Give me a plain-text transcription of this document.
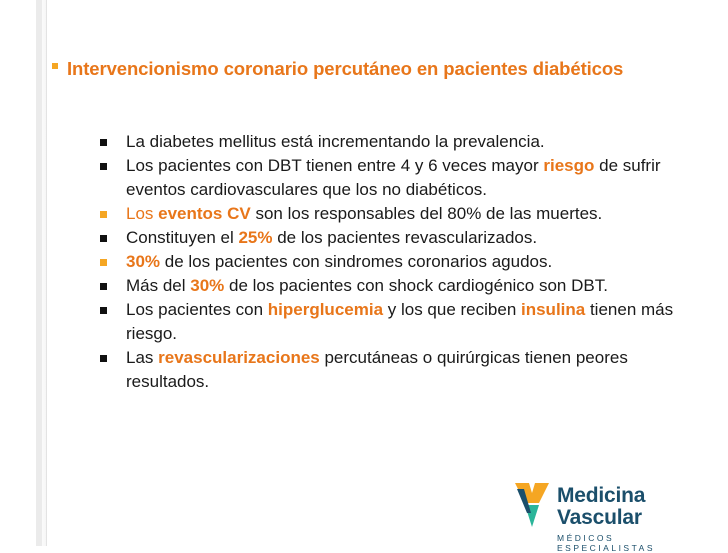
Intervencionismo coronario percutáneo en pacientes diabéticos
La diabetes mellitus está incrementando la prevalencia.
Los pacientes con DBT tienen entre 4 y 6 veces mayor riesgo de sufrir eventos cardiovasculares que los no diabéticos.
Los eventos CV son los responsables del 80% de las muertes.
Constituyen el 25% de los pacientes revascularizados.
30% de los pacientes con sindromes coronarios agudos.
Más del 30% de los pacientes con shock cardiogénico son DBT.
Los pacientes con hiperglucemia y los que reciben insulina tienen más riesgo.
Las revascularizaciones percutáneas o quirúrgicas tienen peores resultados.
Medicina Vascular
MÉDICOS ESPECIALISTAS
